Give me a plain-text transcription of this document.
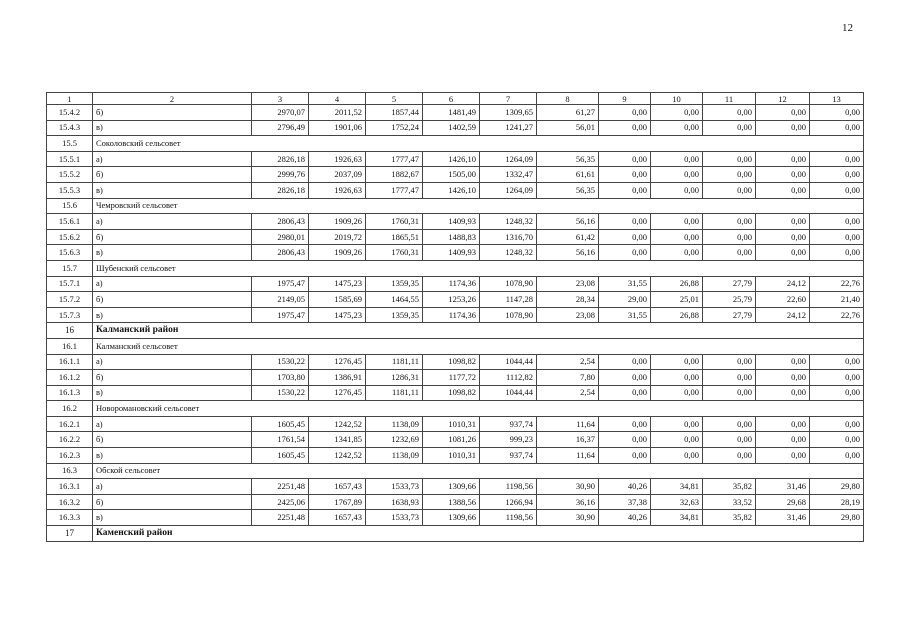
12
1	2	3	4	5	6	7	8	9	10	11	12	13
15.4.2	б)	2970,07	2011,52	1857,44	1481,49	1309,65	61,27	0,00	0,00	0,00	0,00	0,00
15.4.3	в)	2796,49	1901,06	1752,24	1402,59	1241,27	56,01	0,00	0,00	0,00	0,00	0,00
15.5	Соколовский сельсовет											
15.5.1	а)	2826,18	1926,63	1777,47	1426,10	1264,09	56,35	0,00	0,00	0,00	0,00	0,00
15.5.2	б)	2999,76	2037,09	1882,67	1505,00	1332,47	61,61	0,00	0,00	0,00	0,00	0,00
15.5.3	в)	2826,18	1926,63	1777,47	1426,10	1264,09	56,35	0,00	0,00	0,00	0,00	0,00
15.6	Чемровский сельсовет											
15.6.1	а)	2806,43	1909,26	1760,31	1409,93	1248,32	56,16	0,00	0,00	0,00	0,00	0,00
15.6.2	б)	2980,01	2019,72	1865,51	1488,83	1316,70	61,42	0,00	0,00	0,00	0,00	0,00
15.6.3	в)	2806,43	1909,26	1760,31	1409,93	1248,32	56,16	0,00	0,00	0,00	0,00	0,00
15.7	Шубенский сельсовет											
15.7.1	а)	1975,47	1475,23	1359,35	1174,36	1078,90	23,08	31,55	26,88	27,79	24,12	22,76
15.7.2	б)	2149,05	1585,69	1464,55	1253,26	1147,28	28,34	29,00	25,01	25,79	22,60	21,40
15.7.3	в)	1975,47	1475,23	1359,35	1174,36	1078,90	23,08	31,55	26,88	27,79	24,12	22,76
16	Калманский район											
16.1	Калманский сельсовет											
16.1.1	а)	1530,22	1276,45	1181,11	1098,82	1044,44	2,54	0,00	0,00	0,00	0,00	0,00
16.1.2	б)	1703,80	1386,91	1286,31	1177,72	1112,82	7,80	0,00	0,00	0,00	0,00	0,00
16.1.3	в)	1530,22	1276,45	1181,11	1098,82	1044,44	2,54	0,00	0,00	0,00	0,00	0,00
16.2	Новоромановский сельсовет											
16.2.1	а)	1605,45	1242,52	1138,09	1010,31	937,74	11,64	0,00	0,00	0,00	0,00	0,00
16.2.2	б)	1761,54	1341,85	1232,69	1081,26	999,23	16,37	0,00	0,00	0,00	0,00	0,00
16.2.3	в)	1605,45	1242,52	1138,09	1010,31	937,74	11,64	0,00	0,00	0,00	0,00	0,00
16.3	Обской сельсовет											
16.3.1	а)	2251,48	1657,43	1533,73	1309,66	1198,56	30,90	40,26	34,81	35,82	31,46	29,80
16.3.2	б)	2425,06	1767,89	1638,93	1388,56	1266,94	36,16	37,38	32,63	33,52	29,68	28,19
16.3.3	в)	2251,48	1657,43	1533,73	1309,66	1198,56	30,90	40,26	34,81	35,82	31,46	29,80
17	Каменский район											
